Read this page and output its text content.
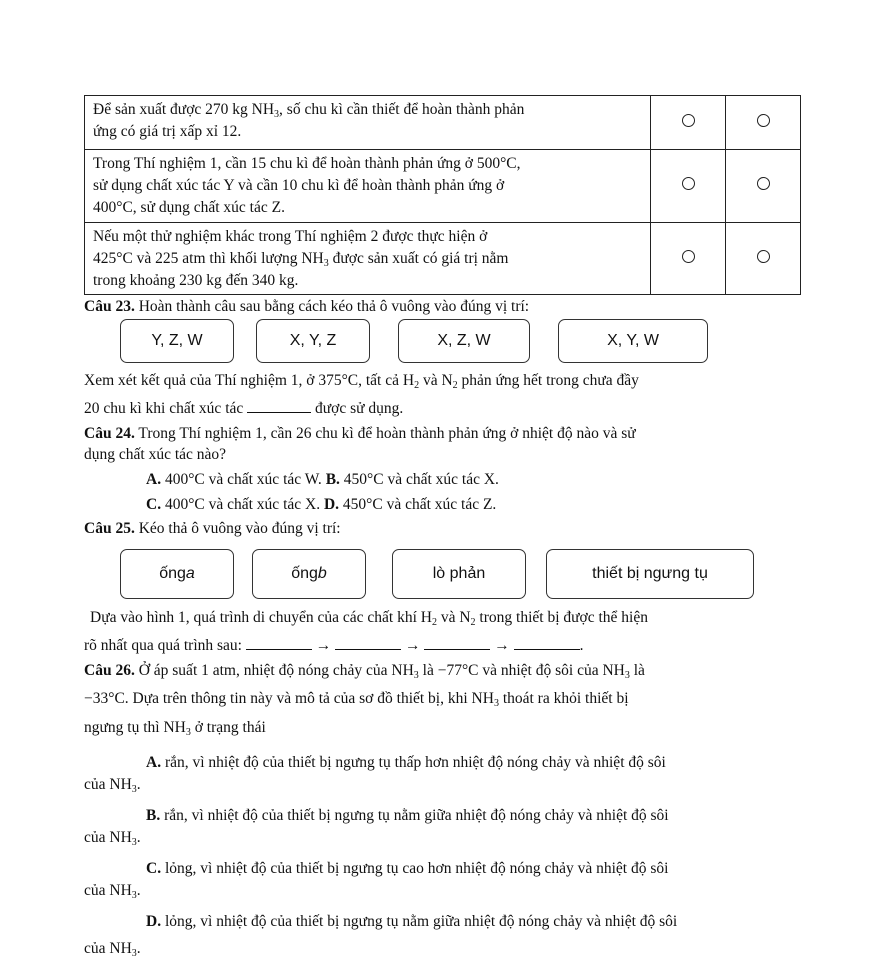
Để sản xuất được 270 kg $NH_3$, số chu kì cần thiết để hoàn thành phản
ứng có giá trị xấp xỉ 12.		
Trong Thí nghiệm 1, cần 15 chu kì để hoàn thành phản ứng ở 500°C,
sử dụng chất xúc tác Y và cần 10 chu kì để hoàn thành phản ứng ở
400°C, sử dụng chất xúc tác Z.		
Nếu một thử nghiệm khác trong Thí nghiệm 2 được thực hiện ở
425°C và 225 atm thì khối lượng $NH_3$ được sản xuất có giá trị nằm
trong khoảng 230 kg đến 340 kg.		
Câu 23. Hoàn thành câu sau bằng cách kéo thả ô vuông vào đúng vị trí:
Y, Z, W	X, Y, Z	X, Z, W	X, Y, W
Xem xét kết quả của Thí nghiệm 1, ở 375°C, tất cả $H_2$ và $N_2$ phản ứng hết trong chưa đầy
20 chu kì khi chất xúc tác	được sử dụng.
Câu 24. Trong Thí nghiệm 1, cần 26 chu kì để hoàn thành phản ứng ở nhiệt độ nào và sử
dụng chất xúc tác nào?
A. 400°C và chất xúc tác W. B. 450°C và chất xúc tác X.
C. 400°C và chất xúc tác X. D. 450°C và chất xúc tác Z.
Câu 25. Kéo thả ô vuông vào đúng vị trí:
ống a	ống b	lò phản	thiết bị ngưng tụ
Dựa vào hình 1, quá trình di chuyển của các chất khí $H_2$ và $N_2$ trong thiết bị được thể hiện
rõ nhất qua quá trình sau:	→	→	→	.
Câu 26. Ở áp suất 1 atm, nhiệt độ nóng chảy của $NH_3$ là −77°C và nhiệt độ sôi của $NH_3$ là
−33°C. Dựa trên thông tin này và mô tả của sơ đồ thiết bị, khi $NH_3$ thoát ra khỏi thiết bị
ngưng tụ thì $NH_3$ ở trạng thái
A. rắn, vì nhiệt độ của thiết bị ngưng tụ thấp hơn nhiệt độ nóng chảy và nhiệt độ sôi
của $NH_3$.
B. rắn, vì nhiệt độ của thiết bị ngưng tụ nằm giữa nhiệt độ nóng chảy và nhiệt độ sôi
của $NH_3$.
C. lỏng, vì nhiệt độ của thiết bị ngưng tụ cao hơn nhiệt độ nóng chảy và nhiệt độ sôi
của $NH_3$.
D. lỏng, vì nhiệt độ của thiết bị ngưng tụ nằm giữa nhiệt độ nóng chảy và nhiệt độ sôi
của $NH_3$.
